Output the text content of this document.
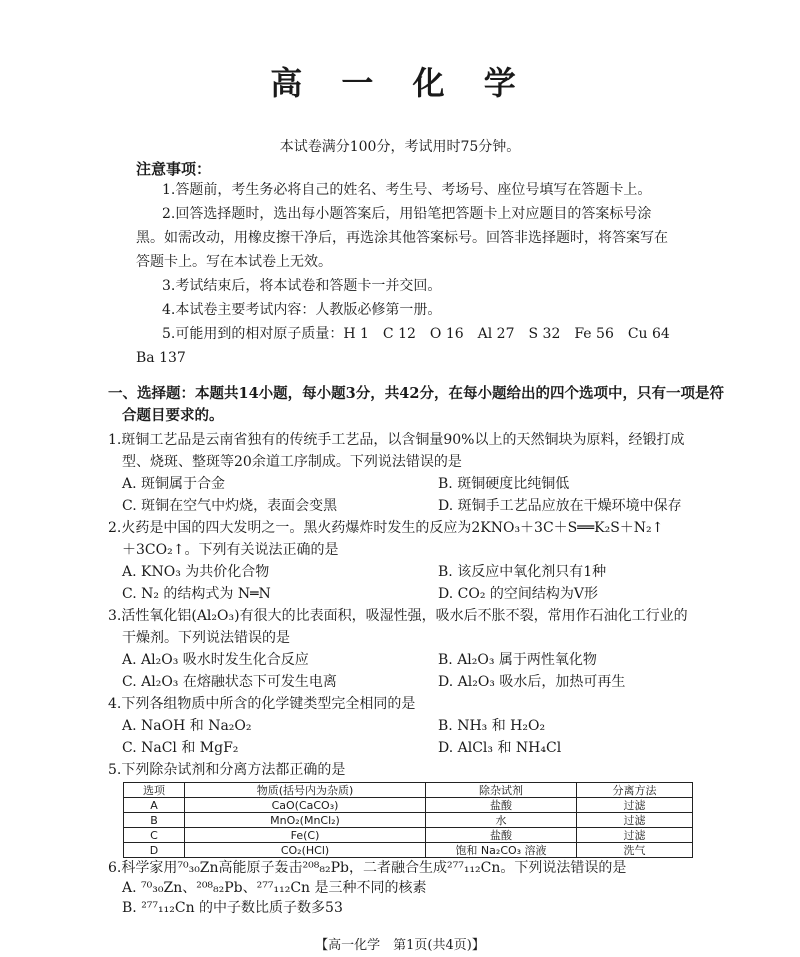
高 一 化 学
本试卷满分100分，考试用时75分钟。
注意事项：
1.答题前，考生务必将自己的姓名、考生号、考场号、座位号填写在答题卡上。
2.回答选择题时，选出每小题答案后，用铅笔把答题卡上对应题目的答案标号涂
黑。如需改动，用橡皮擦干净后，再选涂其他答案标号。回答非选择题时，将答案写在
答题卡上。写在本试卷上无效。
3.考试结束后，将本试卷和答题卡一并交回。
4.本试卷主要考试内容：人教版必修第一册。
5.可能用到的相对原子质量：H 1　C 12　O 16　Al 27　S 32　Fe 56　Cu 64
Ba 137
一、选择题：本题共14小题，每小题3分，共42分，在每小题给出的四个选项中，只有一项是符
合题目要求的。
1.斑铜工艺品是云南省独有的传统手工艺品，以含铜量90%以上的天然铜块为原料，经锻打成
型、烧斑、整斑等20余道工序制成。下列说法错误的是
A. 斑铜属于合金	B. 斑铜硬度比纯铜低
C. 斑铜在空气中灼烧，表面会变黑	D. 斑铜手工艺品应放在干燥环境中保存
2.火药是中国的四大发明之一。黑火药爆炸时发生的反应为2KNO₃＋3C＋S══K₂S＋N₂↑
＋3CO₂↑。下列有关说法正确的是
A. KNO₃ 为共价化合物	B. 该反应中氧化剂只有1种
C. N₂ 的结构式为 N═N	D. CO₂ 的空间结构为V形
3.活性氧化铝(Al₂O₃)有很大的比表面积，吸湿性强，吸水后不胀不裂，常用作石油化工行业的
干燥剂。下列说法错误的是
A. Al₂O₃ 吸水时发生化合反应	B. Al₂O₃ 属于两性氧化物
C. Al₂O₃ 在熔融状态下可发生电离	D. Al₂O₃ 吸水后，加热可再生
4.下列各组物质中所含的化学键类型完全相同的是
A. NaOH 和 Na₂O₂	B. NH₃ 和 H₂O₂
C. NaCl 和 MgF₂	D. AlCl₃ 和 NH₄Cl
5.下列除杂试剂和分离方法都正确的是
选项	物质(括号内为杂质)	除杂试剂	分离方法
A	CaO(CaCO₃)	盐酸	过滤
B	MnO₂(MnCl₂)	水	过滤
C	Fe(C)	盐酸	过滤
D	CO₂(HCl)	饱和 Na₂CO₃ 溶液	洗气
6.科学家用⁷⁰₃₀Zn高能原子轰击²⁰⁸₈₂Pb，二者融合生成²⁷⁷₁₁₂Cn。下列说法错误的是
A. ⁷⁰₃₀Zn、²⁰⁸₈₂Pb、²⁷⁷₁₁₂Cn 是三种不同的核素
B. ²⁷⁷₁₁₂Cn 的中子数比质子数多53
【高一化学　第1页(共4页)】
